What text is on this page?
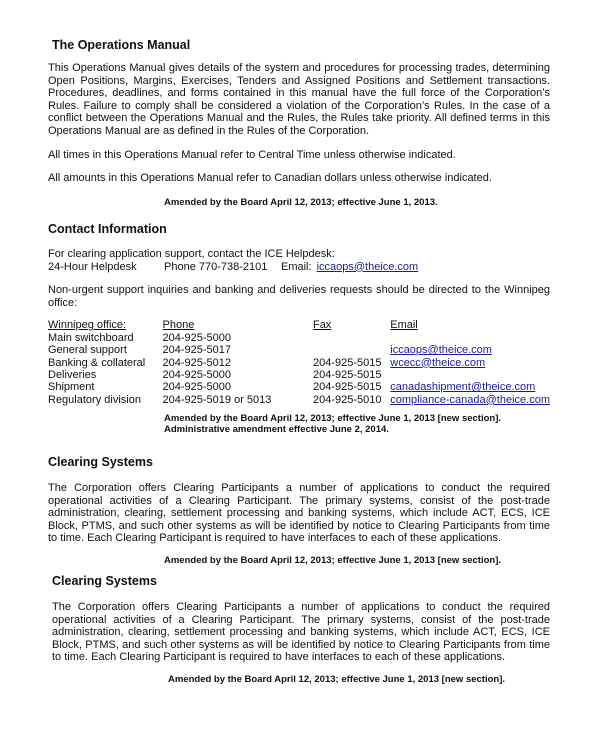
The Operations Manual

This Operations Manual gives details of the system and procedures for processing trades, determining Open Positions, Margins, Exercises, Tenders and Assigned Positions and Settlement transactions. Procedures, deadlines, and forms contained in this manual have the full force of the Corporation’s Rules. Failure to comply shall be considered a violation of the Corporation’s Rules. In the case of a conflict between the Operations Manual and the Rules, the Rules take priority. All defined terms in this Operations Manual are as defined in the Rules of the Corporation.

All times in this Operations Manual refer to Central Time unless otherwise indicated.

All amounts in this Operations Manual refer to Canadian dollars unless otherwise indicated.

Amended by the Board April 12, 2013; effective June 1, 2013.
Contact Information

For clearing application support, contact the ICE Helpdesk:

24-Hour Helpdesk	Phone 770-738-2101	Email: iccaops@theice.com

Non-urgent support inquiries and banking and deliveries requests should be directed to the Winnipeg office:

Winnipeg office:	Phone	Fax	Email
Main switchboard	204-925-5000		
General support	204-925-5017		iccaops@theice.com
Banking & collateral	204-925-5012	204-925-5015	wcecc@theice.com
Deliveries	204-925-5000	204-925-5015	
Shipment	204-925-5000	204-925-5015	canadashipment@theice.com
Regulatory division	204-925-5019 or 5013	204-925-5010	compliance-canada@theice.com
Amended by the Board April 12, 2013; effective June 1, 2013 [new section].
Administrative amendment effective June 2, 2014.
Clearing Systems

The Corporation offers Clearing Participants a number of applications to conduct the required operational activities of a Clearing Participant. The primary systems, consist of the post-trade administration, clearing, settlement processing and banking systems, which include ACT, ECS, ICE Block, PTMS, and such other systems as will be identified by notice to Clearing Participants from time to time. Each Clearing Participant is required to have interfaces to each of these applications.

Amended by the Board April 12, 2013; effective June 1, 2013 [new section].
Clearing Systems

The Corporation offers Clearing Participants a number of applications to conduct the required operational activities of a Clearing Participant. The primary systems, consist of the post-trade administration, clearing, settlement processing and banking systems, which include ACT, ECS, ICE Block, PTMS, and such other systems as will be identified by notice to Clearing Participants from time to time. Each Clearing Participant is required to have interfaces to each of these applications.

Amended by the Board April 12, 2013; effective June 1, 2013 [new section].
